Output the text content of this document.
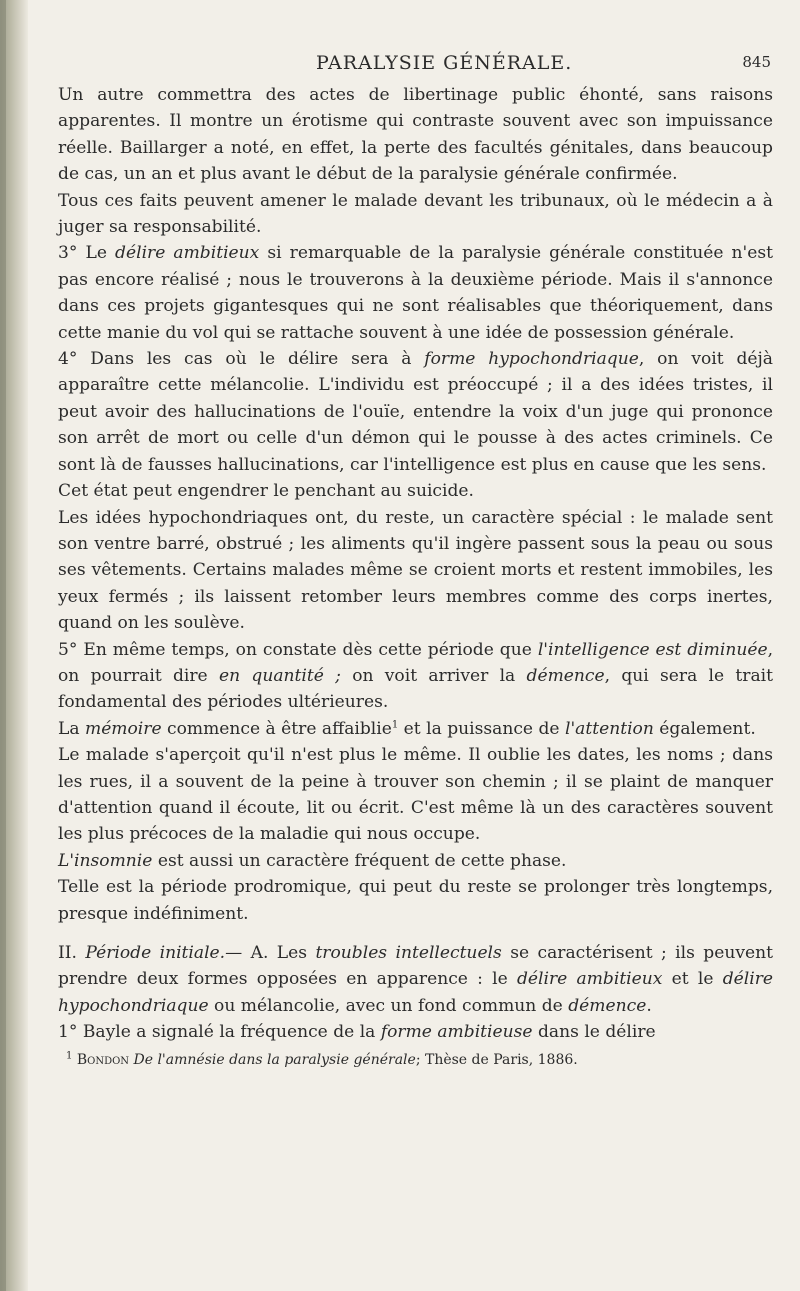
PARALYSIE GÉNÉRALE.	845

Un autre commettra des actes de libertinage public éhonté, sans raisons apparentes. Il montre un érotisme qui contraste souvent avec son impuissance réelle. Baillarger a noté, en effet, la perte des facultés génitales, dans beaucoup de cas, un an et plus avant le début de la paralysie générale confirmée.

Tous ces faits peuvent amener le malade devant les tribunaux, où le médecin a à juger sa responsabilité.

3° Le délire ambitieux si remarquable de la paralysie générale constituée n'est pas encore réalisé ; nous le trouverons à la deuxième période. Mais il s'annonce dans ces projets gigantesques qui ne sont réalisables que théoriquement, dans cette manie du vol qui se rattache souvent à une idée de possession générale.

4° Dans les cas où le délire sera à forme hypochondriaque, on voit déjà apparaître cette mélancolie. L'individu est préoccupé ; il a des idées tristes, il peut avoir des hallucinations de l'ouïe, entendre la voix d'un juge qui prononce son arrêt de mort ou celle d'un démon qui le pousse à des actes criminels. Ce sont là de fausses hallucinations, car l'intelligence est plus en cause que les sens.

Cet état peut engendrer le penchant au suicide.

Les idées hypochondriaques ont, du reste, un caractère spécial : le malade sent son ventre barré, obstrué ; les aliments qu'il ingère passent sous la peau ou sous ses vêtements. Certains malades même se croient morts et restent immobiles, les yeux fermés ; ils laissent retomber leurs membres comme des corps inertes, quand on les soulève.

5° En même temps, on constate dès cette période que l'intelligence est diminuée, on pourrait dire en quantité ; on voit arriver la démence, qui sera le trait fondamental des périodes ultérieures.

La mémoire commence à être affaiblie$^1$ et la puissance de l'attention également.

Le malade s'aperçoit qu'il n'est plus le même. Il oublie les dates, les noms ; dans les rues, il a souvent de la peine à trouver son chemin ; il se plaint de manquer d'attention quand il écoute, lit ou écrit. C'est même là un des caractères souvent les plus précoces de la maladie qui nous occupe.

L'insomnie est aussi un caractère fréquent de cette phase.

Telle est la période prodromique, qui peut du reste se prolonger très longtemps, presque indéfiniment.

II. Période initiale.— A. Les troubles intellectuels se caractérisent ; ils peuvent prendre deux formes opposées en apparence : le délire ambitieux et le délire hypochondriaque ou mélancolie, avec un fond commun de démence.

1° Bayle a signalé la fréquence de la forme ambitieuse dans le délire

$^1$ Bondon De l'amnésie dans la paralysie générale; Thèse de Paris, 1886.
